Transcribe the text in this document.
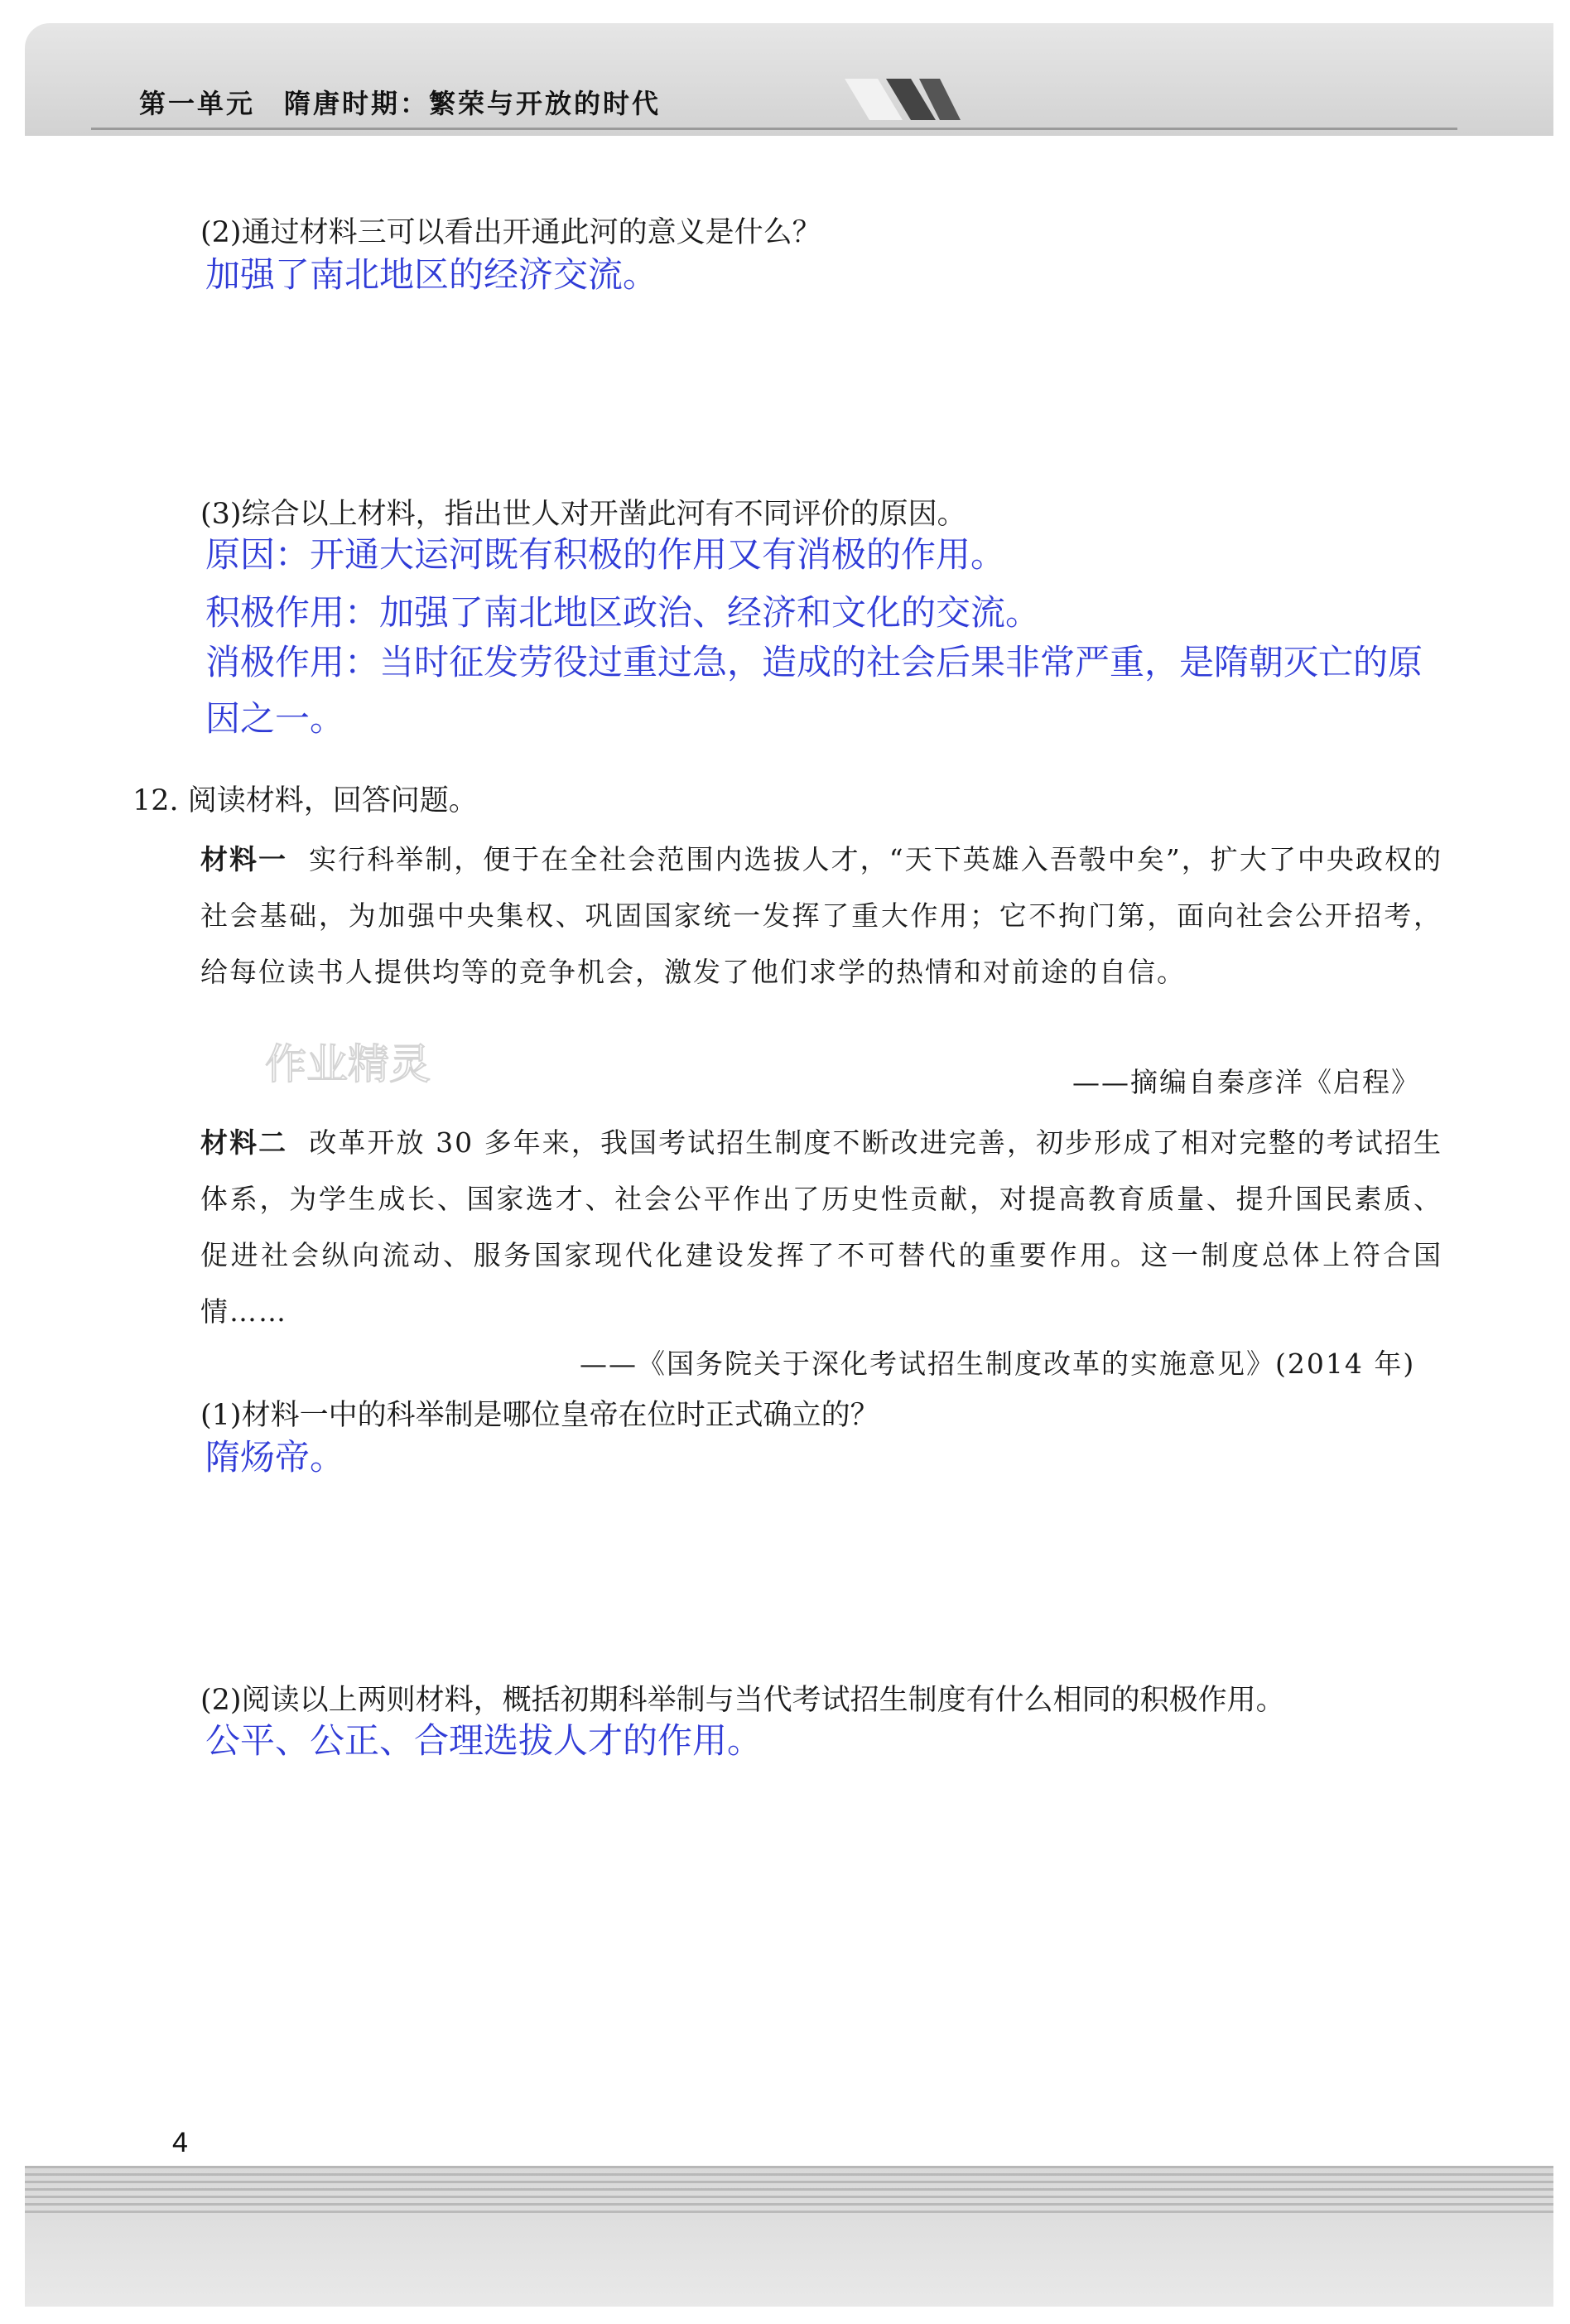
第一单元　隋唐时期：繁荣与开放的时代
(2)通过材料三可以看出开通此河的意义是什么？
加强了南北地区的经济交流。
(3)综合以上材料，指出世人对开凿此河有不同评价的原因。
原因：开通大运河既有积极的作用又有消极的作用。
积极作用：加强了南北地区政治、经济和文化的交流。
消极作用：当时征发劳役过重过急，造成的社会后果非常严重，是隋朝灭亡的原因之一。
12. 阅读材料，回答问题。
材料一 实行科举制，便于在全社会范围内选拔人才，“天下英雄入吾彀中矣”，扩大了中央政权的社会基础，为加强中央集权、巩固国家统一发挥了重大作用；它不拘门第，面向社会公开招考，给每位读书人提供均等的竞争机会，激发了他们求学的热情和对前途的自信。
作业精灵	——摘编自秦彦洋《启程》
材料二 改革开放 30 多年来，我国考试招生制度不断改进完善，初步形成了相对完整的考试招生体系，为学生成长、国家选才、社会公平作出了历史性贡献，对提高教育质量、提升国民素质、促进社会纵向流动、服务国家现代化建设发挥了不可替代的重要作用。这一制度总体上符合国情……
——《国务院关于深化考试招生制度改革的实施意见》(2014 年)
(1)材料一中的科举制是哪位皇帝在位时正式确立的？
隋炀帝。
(2)阅读以上两则材料，概括初期科举制与当代考试招生制度有什么相同的积极作用。
公平、公正、合理选拔人才的作用。
4
